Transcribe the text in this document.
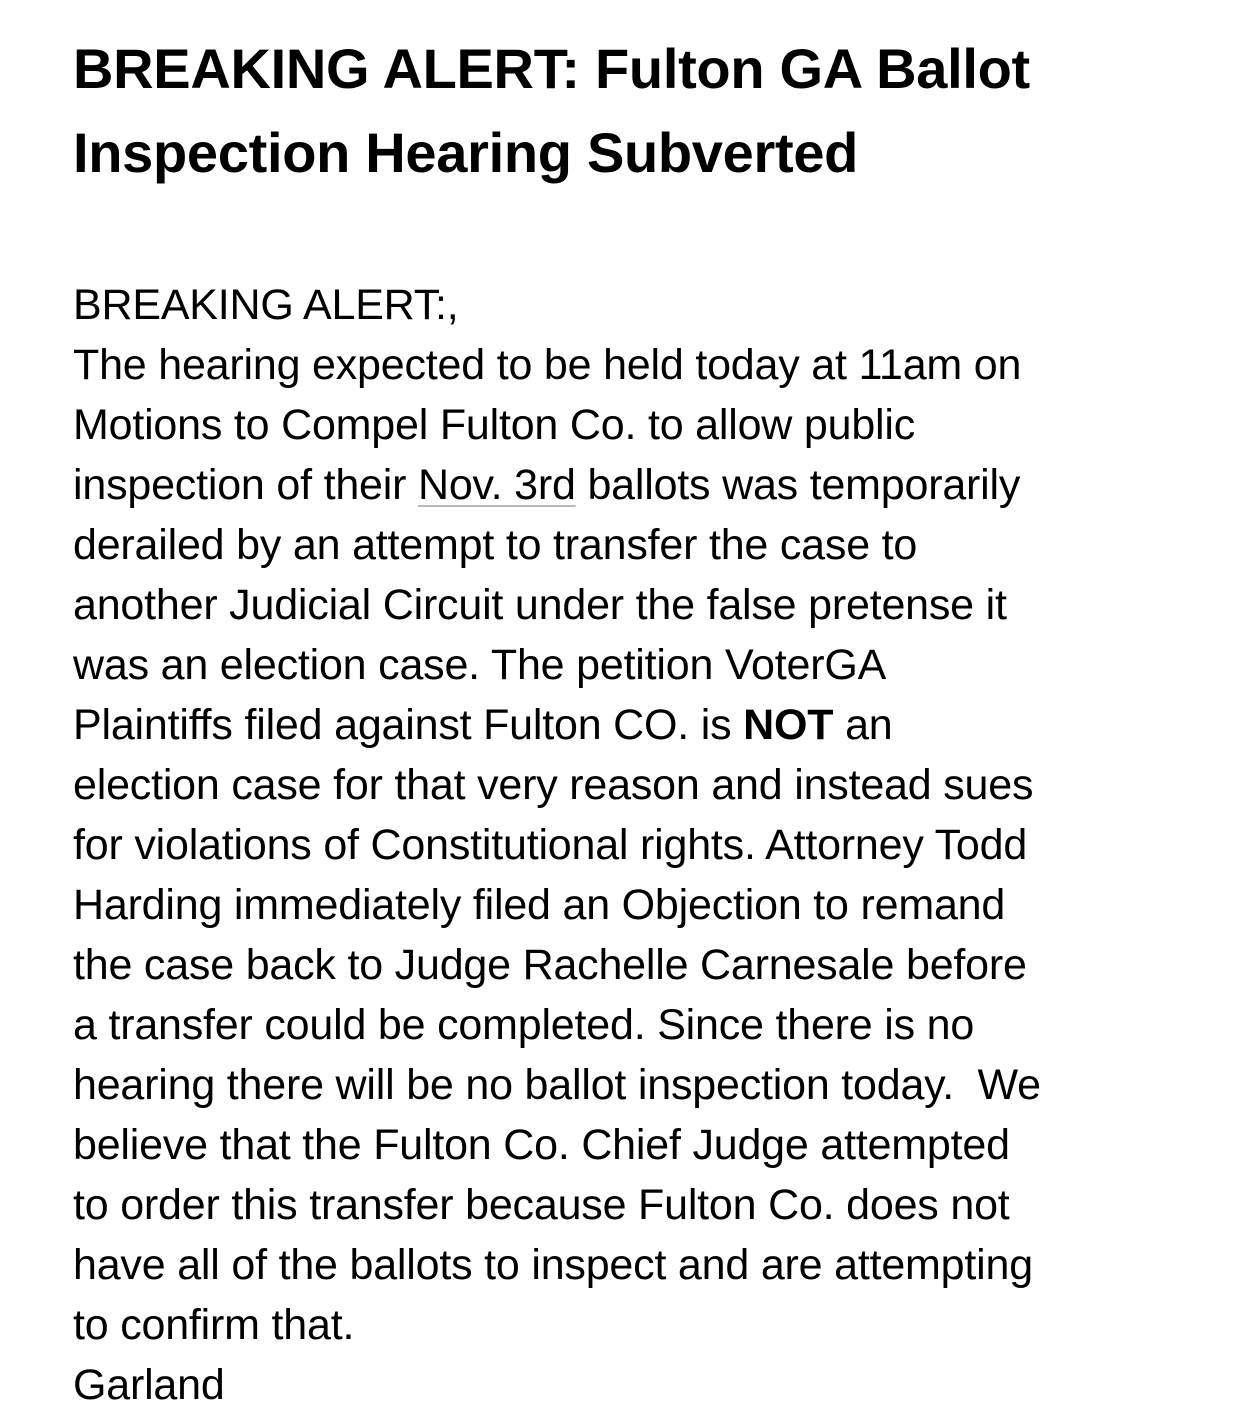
BREAKING ALERT: Fulton GA Ballot
Inspection Hearing Subverted
BREAKING ALERT:,
The hearing expected to be held today at 11am on
Motions to Compel Fulton Co. to allow public
inspection of their Nov. 3rd ballots was temporarily
derailed by an attempt to transfer the case to
another Judicial Circuit under the false pretense it
was an election case. The petition VoterGA
Plaintiffs filed against Fulton CO. is NOT an
election case for that very reason and instead sues
for violations of Constitutional rights. Attorney Todd
Harding immediately filed an Objection to remand
the case back to Judge Rachelle Carnesale before
a transfer could be completed. Since there is no
hearing there will be no ballot inspection today.  We
believe that the Fulton Co. Chief Judge attempted
to order this transfer because Fulton Co. does not
have all of the ballots to inspect and are attempting
to confirm that.
Garland
